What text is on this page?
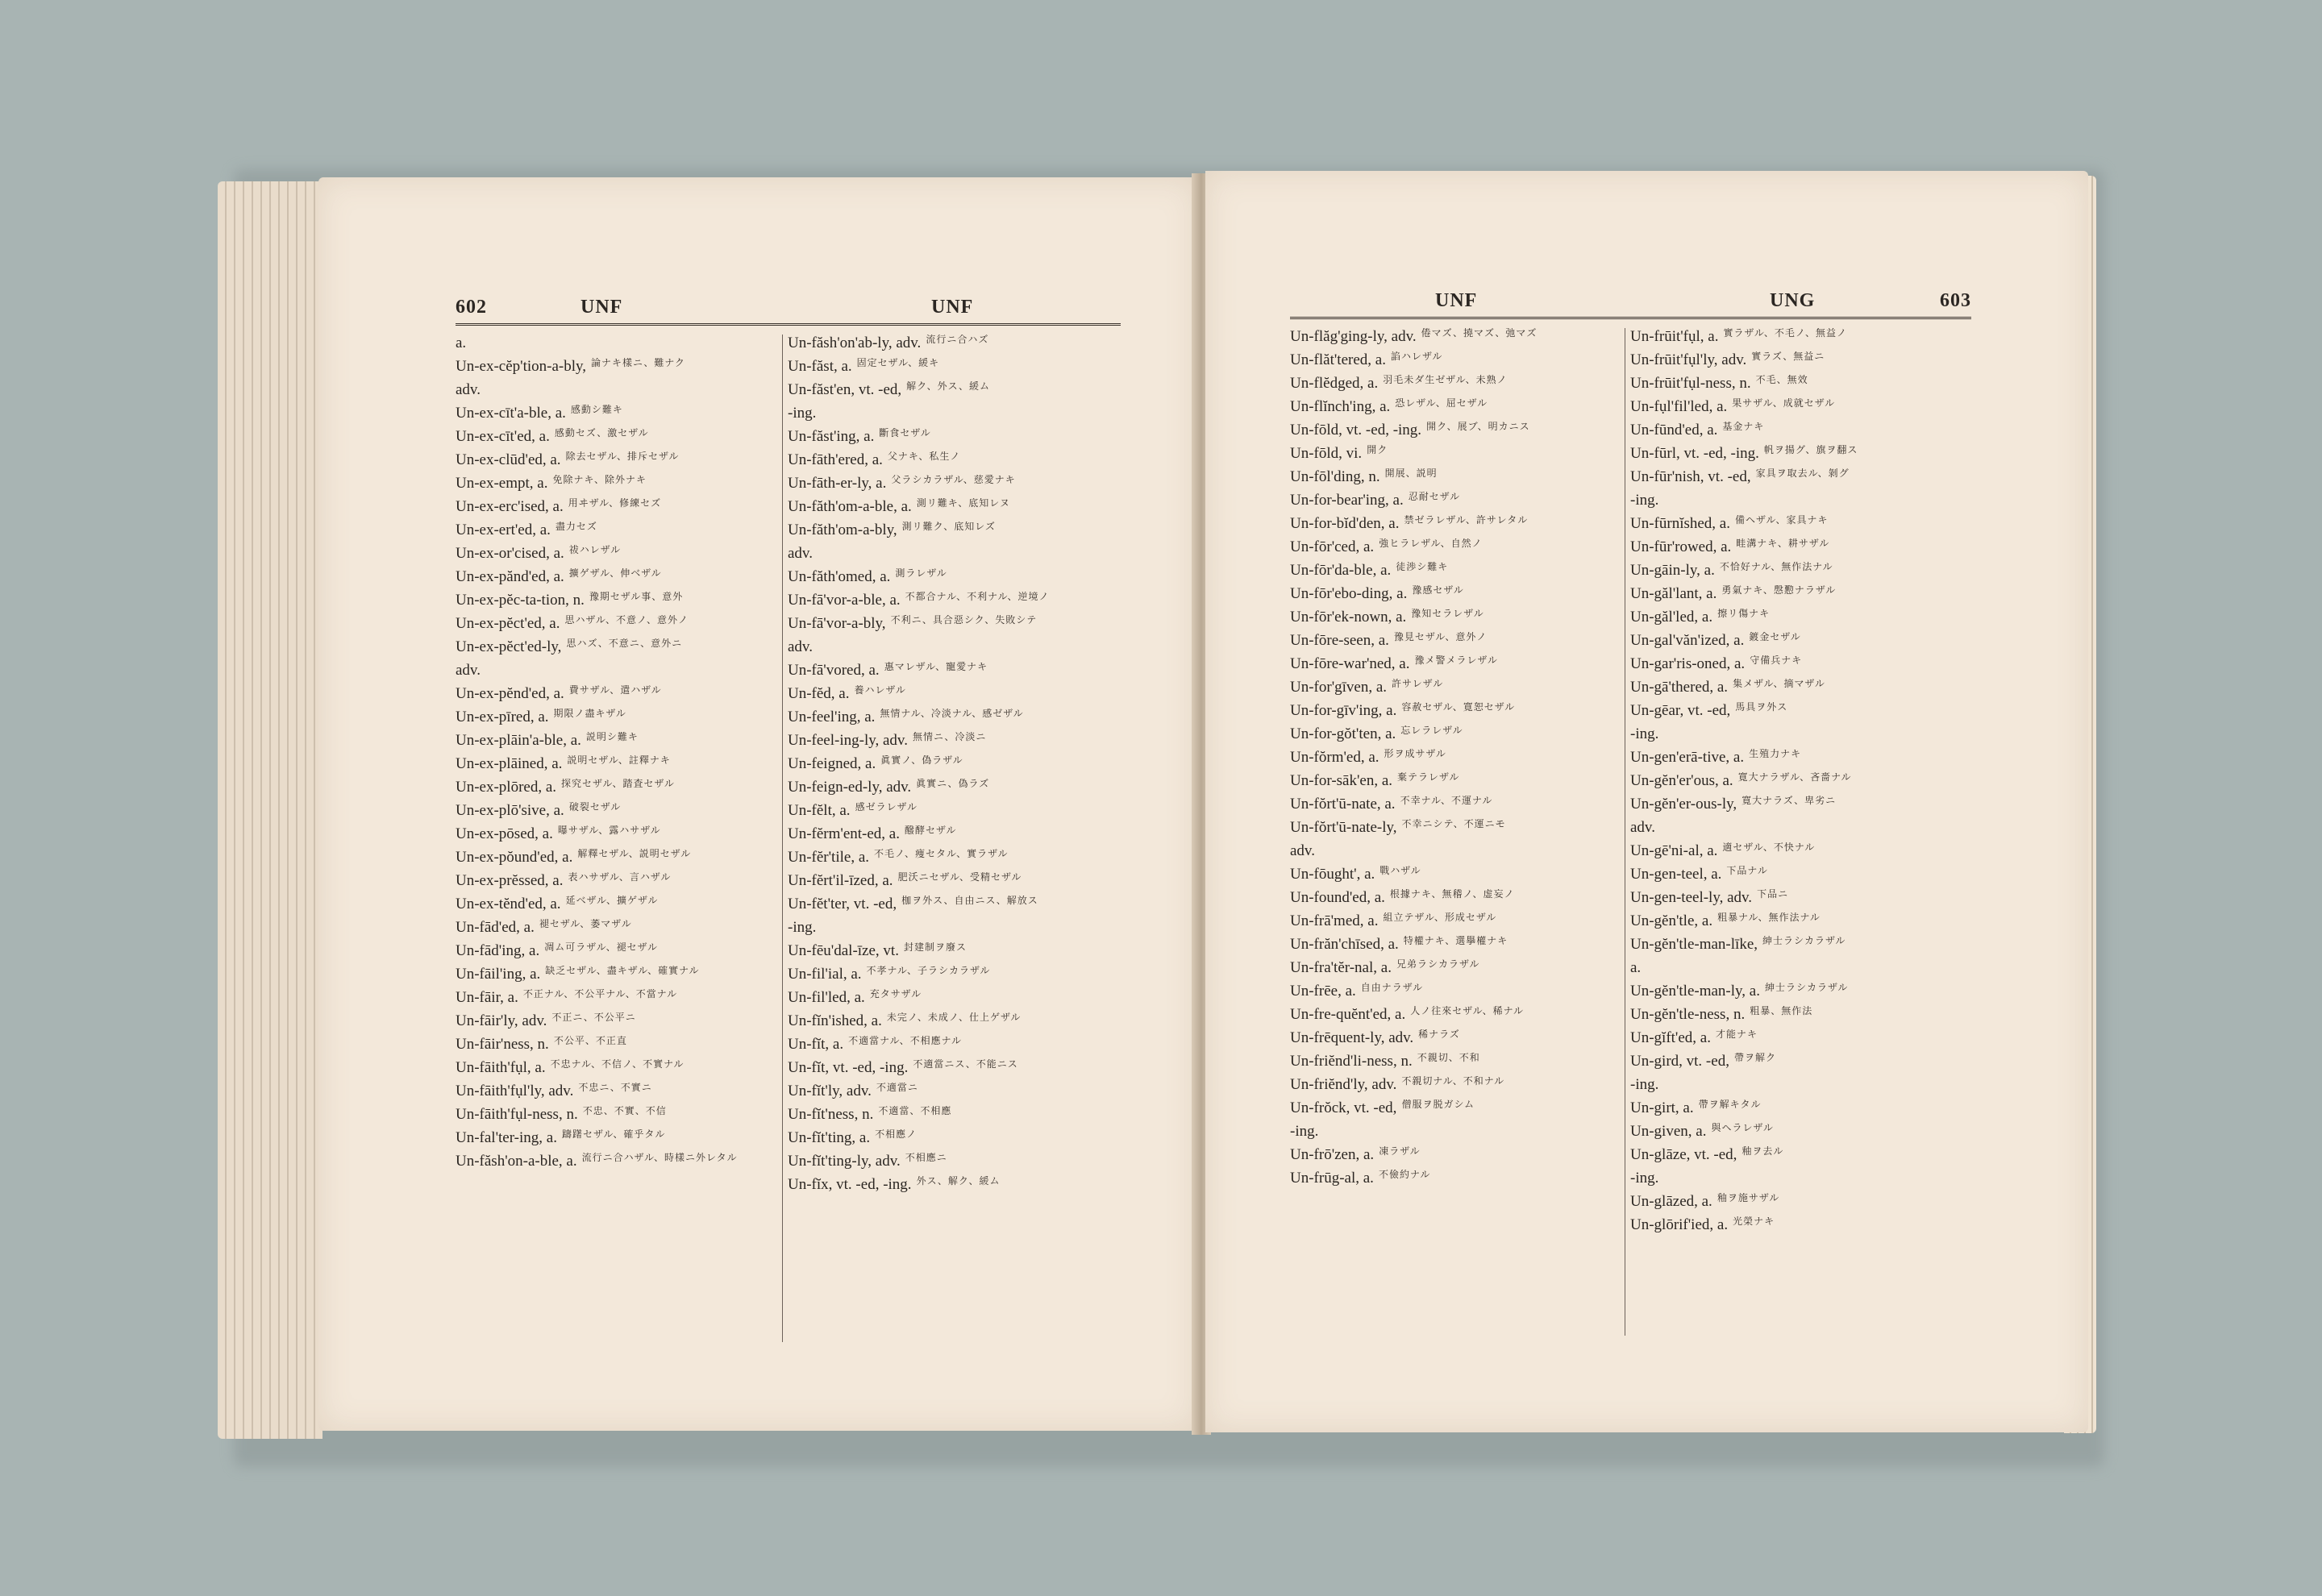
602	UNF	UNF
a.
Un-ex-cĕp'tion-a-bly, 論ナキ樣ニ、難ナク
adv.
Un-ex-cīt'a-ble, a. 感動シ難キ
Un-ex-cīt'ed, a. 感動セズ、激セザル
Un-ex-clūd'ed, a. 除去セザル、排斥セザル
Un-ex-empt, a. 免除ナキ、除外ナキ
Un-ex-erc'ised, a. 用ヰザル、修練セズ
Un-ex-ert'ed, a. 盡力セズ
Un-ex-or'cised, a. 祓ハレザル
Un-ex-pănd'ed, a. 擴ゲザル、伸ベザル
Un-ex-pĕc-ta-tion, n. 豫期セザル事、意外
Un-ex-pĕct'ed, a. 思ハザル、不意ノ、意外ノ
Un-ex-pĕct'ed-ly, 思ハズ、不意ニ、意外ニ
adv.
Un-ex-pĕnd'ed, a. 費サザル、遣ハザル
Un-ex-pīred, a. 期限ノ盡キザル
Un-ex-plāin'a-ble, a. 説明シ難キ
Un-ex-plāined, a. 説明セザル、註釋ナキ
Un-ex-plōred, a. 探究セザル、踏査セザル
Un-ex-plō'sive, a. 破裂セザル
Un-ex-pōsed, a. 曝サザル、露ハサザル
Un-ex-pŏund'ed, a. 解釋セザル、説明セザル
Un-ex-prĕssed, a. 表ハサザル、言ハザル
Un-ex-tĕnd'ed, a. 延ベザル、擴ゲザル
Un-fād'ed, a. 褪セザル、萎マザル
Un-fād'ing, a. 凋ム可ラザル、褪セザル
Un-fāil'ing, a. 缺乏セザル、盡キザル、確實ナル
Un-fāir, a. 不正ナル、不公平ナル、不當ナル
Un-fāir'ly, adv. 不正ニ、不公平ニ
Un-fāir'ness, n. 不公平、不正直
Un-fāith'fụl, a. 不忠ナル、不信ノ、不實ナル
Un-fāith'fụl'ly, adv. 不忠ニ、不實ニ
Un-fāith'fụl-ness, n. 不忠、不實、不信
Un-fal'ter-ing, a. 躊躇セザル、確乎タル
Un-făsh'on-a-ble, a. 流行ニ合ハザル、時樣ニ外レタル
Un-făsh'on'ab-ly, adv. 流行ニ合ハズ
Un-făst, a. 固定セザル、緩キ
Un-făst'en, vt. -ed, 解ク、外ス、緩ム
-ing.
Un-făst'ing, a. 斷食セザル
Un-fāth'ered, a. 父ナキ、私生ノ
Un-fāth-er-ly, a. 父ラシカラザル、慈愛ナキ
Un-făth'om-a-ble, a. 測リ難キ、底知レヌ
Un-făth'om-a-bly, 測リ難ク、底知レズ
adv.
Un-făth'omed, a. 測ラレザル
Un-fā'vor-a-ble, a. 不都合ナル、不利ナル、逆境ノ
Un-fā'vor-a-bly, 不利ニ、具合惡シク、失敗シテ
adv.
Un-fā'vored, a. 惠マレザル、寵愛ナキ
Un-fĕd, a. 養ハレザル
Un-feel'ing, a. 無情ナル、冷淡ナル、感ゼザル
Un-feel-ing-ly, adv. 無情ニ、冷淡ニ
Un-feigned, a. 眞實ノ、偽ラザル
Un-feign-ed-ly, adv. 眞實ニ、偽ラズ
Un-fĕlt, a. 感ゼラレザル
Un-fĕrm'ent-ed, a. 醱酵セザル
Un-fĕr'tile, a. 不毛ノ、痩セタル、實ラザル
Un-fĕrt'il-īzed, a. 肥沃ニセザル、受精セザル
Un-fĕt'ter, vt. -ed, 枷ヲ外ス、自由ニス、解放ス
-ing.
Un-fēu'dal-īze, vt. 封建制ヲ廢ス
Un-fil'ial, a. 不孝ナル、子ラシカラザル
Un-fil'led, a. 充タサザル
Un-fĭn'ished, a. 未完ノ、未成ノ、仕上ゲザル
Un-fĭt, a. 不適當ナル、不相應ナル
Un-fĭt, vt. -ed, -ing. 不適當ニス、不能ニス
Un-fĭt'ly, adv. 不適當ニ
Un-fĭt'ness, n. 不適當、不相應
Un-fĭt'ting, a. 不相應ノ
Un-fĭt'ting-ly, adv. 不相應ニ
Un-fĭx, vt. -ed, -ing. 外ス、解ク、緩ム
UNF	UNG	603
Un-flăg'ging-ly, adv. 倦マズ、撓マズ、弛マズ
Un-flăt'tered, a. 諂ハレザル
Un-flĕdged, a. 羽毛未ダ生ゼザル、未熟ノ
Un-flĭnch'ing, a. 恐レザル、屈セザル
Un-fōld, vt. -ed, -ing. 開ク、展ブ、明カニス
Un-fōld, vi. 開ク
Un-fōl'ding, n. 開展、説明
Un-for-bear'ing, a. 忍耐セザル
Un-for-bĭd'den, a. 禁ゼラレザル、許サレタル
Un-fōr'ced, a. 強ヒラレザル、自然ノ
Un-fōr'da-ble, a. 徒渉シ難キ
Un-fōr'ebo-ding, a. 豫感セザル
Un-fōr'ek-nown, a. 豫知セラレザル
Un-fōre-seen, a. 豫見セザル、意外ノ
Un-fōre-war'ned, a. 豫メ警メラレザル
Un-for'gīven, a. 許サレザル
Un-for-gīv'ing, a. 容赦セザル、寛恕セザル
Un-for-gŏt'ten, a. 忘レラレザル
Un-fŏrm'ed, a. 形ヲ成サザル
Un-for-sāk'en, a. 棄テラレザル
Un-fŏrt'ū-nate, a. 不幸ナル、不運ナル
Un-fŏrt'ū-nate-ly, 不幸ニシテ、不運ニモ
adv.
Un-fōught', a. 戰ハザル
Un-found'ed, a. 根據ナキ、無稽ノ、虚妄ノ
Un-frā'med, a. 組立テザル、形成セザル
Un-frăn'chīsed, a. 特權ナキ、選擧權ナキ
Un-fra'tĕr-nal, a. 兄弟ラシカラザル
Un-frēe, a. 自由ナラザル
Un-fre-quĕnt'ed, a. 人ノ往來セザル、稀ナル
Un-frēquent-ly, adv. 稀ナラズ
Un-friĕnd'li-ness, n. 不親切、不和
Un-friĕnd'ly, adv. 不親切ナル、不和ナル
Un-frŏck, vt. -ed, 僧服ヲ脱ガシム
-ing.
Un-frō'zen, a. 凍ラザル
Un-frūg-al, a. 不儉約ナル
Un-frūit'fụl, a. 實ラザル、不毛ノ、無益ノ
Un-frūit'fụl'ly, adv. 實ラズ、無益ニ
Un-frūit'fụl-ness, n. 不毛、無效
Un-fụl'fil'led, a. 果サザル、成就セザル
Un-fūnd'ed, a. 基金ナキ
Un-fūrl, vt. -ed, -ing. 帆ヲ揚グ、旗ヲ翻ス
Un-fūr'nish, vt. -ed, 家具ヲ取去ル、剝グ
-ing.
Un-fūrnĭshed, a. 備ヘザル、家具ナキ
Un-fūr'rowed, a. 畦溝ナキ、耕サザル
Un-gāin-ly, a. 不恰好ナル、無作法ナル
Un-găl'lant, a. 勇氣ナキ、慇懃ナラザル
Un-găl'led, a. 擦リ傷ナキ
Un-gal'văn'ized, a. 鍍金セザル
Un-gar'ris-oned, a. 守備兵ナキ
Un-gā'thered, a. 集メザル、摘マザル
Un-gēar, vt. -ed, 馬具ヲ外ス
-ing.
Un-gen'erā-tive, a. 生殖力ナキ
Un-gĕn'er'ous, a. 寛大ナラザル、吝嗇ナル
Un-gĕn'er-ous-ly, 寛大ナラズ、卑劣ニ
adv.
Un-gē'ni-al, a. 適セザル、不快ナル
Un-gen-teel, a. 下品ナル
Un-gen-teel-ly, adv. 下品ニ
Un-gĕn'tle, a. 粗暴ナル、無作法ナル
Un-gĕn'tle-man-līke, 紳士ラシカラザル
a.
Un-gĕn'tle-man-ly, a. 紳士ラシカラザル
Un-gĕn'tle-ness, n. 粗暴、無作法
Un-gĭft'ed, a. 才能ナキ
Un-gird, vt. -ed, 帶ヲ解ク
-ing.
Un-girt, a. 帶ヲ解キタル
Un-given, a. 與ヘラレザル
Un-glāze, vt. -ed, 釉ヲ去ル
-ing.
Un-glāzed, a. 釉ヲ施サザル
Un-glōrif'ied, a. 光榮ナキ
